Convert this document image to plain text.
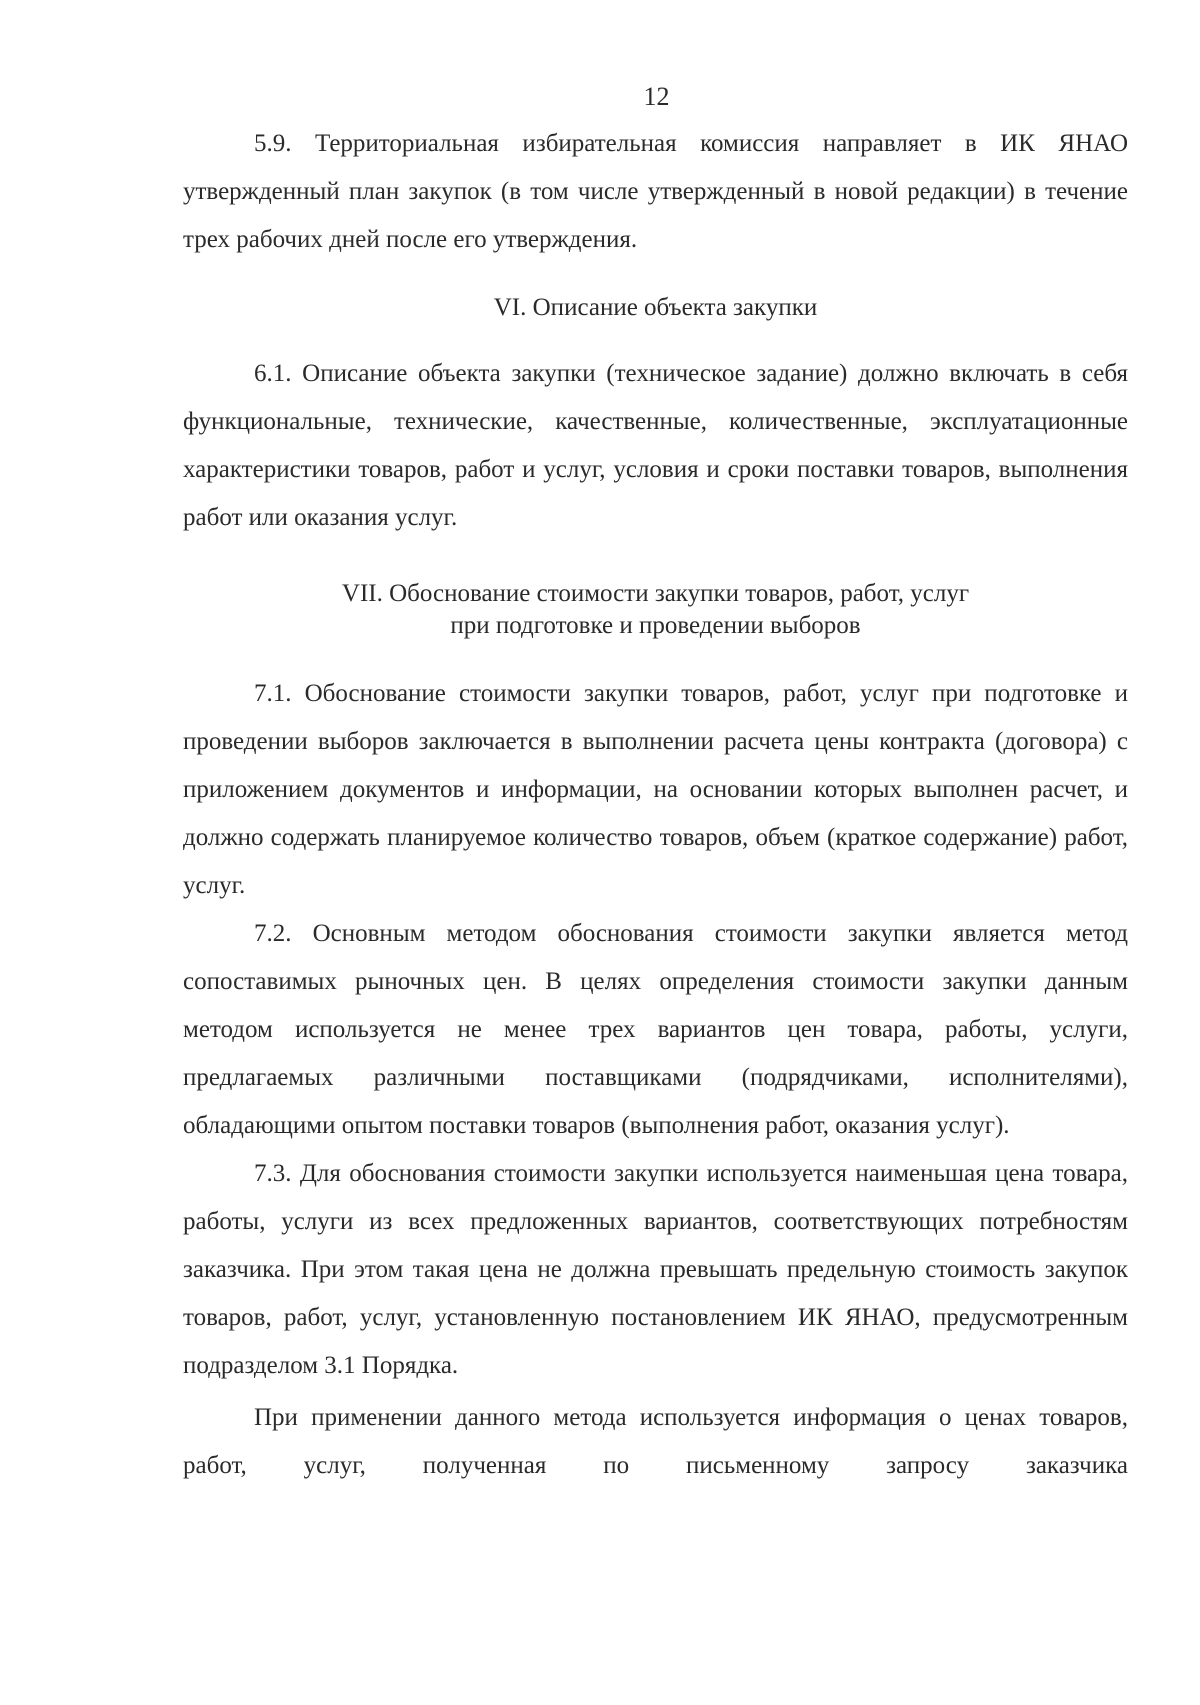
12

5.9. Территориальная избирательная комиссия направляет в ИК ЯНАО утвержденный план закупок (в том числе утвержденный в новой редакции) в течение трех рабочих дней после его утверждения.

VI. Описание объекта закупки

6.1. Описание объекта закупки (техническое задание) должно включать в себя функциональные, технические, качественные, количественные, эксплуатационные характеристики товаров, работ и услуг, условия и сроки поставки товаров, выполнения работ или оказания услуг.

VII. Обоснование стоимости закупки товаров, работ, услуг

при подготовке и проведении выборов

7.1. Обоснование стоимости закупки товаров, работ, услуг при подготовке и проведении выборов заключается в выполнении расчета цены контракта (договора) с приложением документов и информации, на основании которых выполнен расчет, и должно содержать планируемое количество товаров, объем (краткое содержание) работ, услуг.

7.2. Основным методом обоснования стоимости закупки является метод сопоставимых рыночных цен. В целях определения стоимости закупки данным методом используется не менее трех вариантов цен товара, работы, услуги, предлагаемых различными поставщиками (подрядчиками, исполнителями), обладающими опытом поставки товаров (выполнения работ, оказания услуг).

7.3. Для обоснования стоимости закупки используется наименьшая цена товара, работы, услуги из всех предложенных вариантов, соответствующих потребностям заказчика. При этом такая цена не должна превышать предельную стоимость закупок товаров, работ, услуг, установленную постановлением ИК ЯНАО, предусмотренным подразделом 3.1 Порядка.

При применении данного метода используется информация о ценах товаров, работ, услуг, полученная по письменному запросу заказчика
